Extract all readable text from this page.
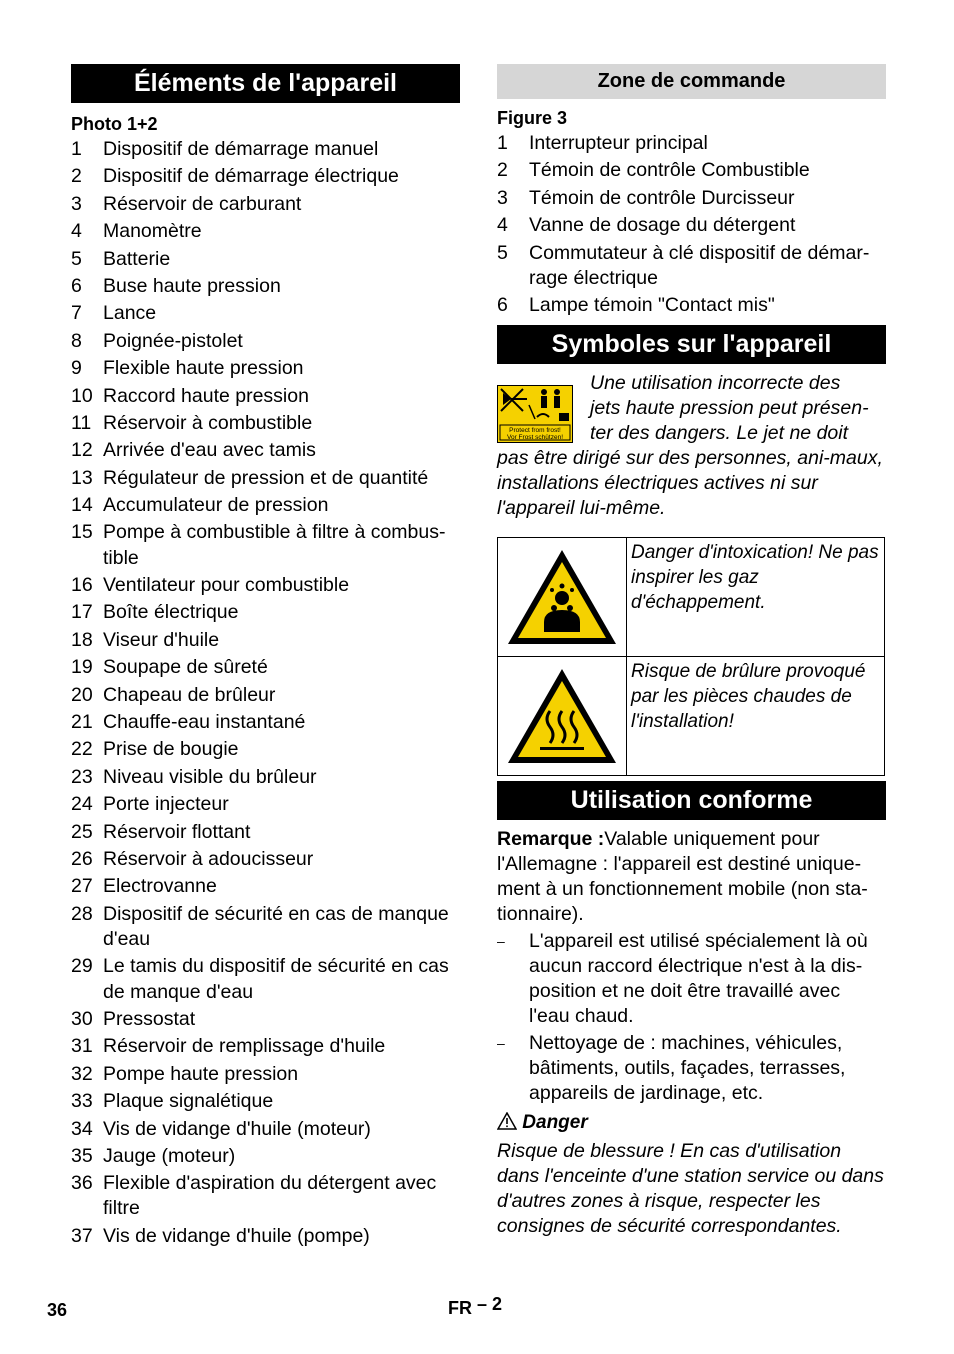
Éléments de l'appareil
Photo 1+2
1	Dispositif de démarrage manuel
2	Dispositif de démarrage électrique
3	Réservoir de carburant
4	Manomètre
5	Batterie
6	Buse haute pression
7	Lance
8	Poignée-pistolet
9	Flexible haute pression
10 Raccord haute pression
11 Réservoir à combustible
12 Arrivée d'eau avec tamis
13 Régulateur de pression et de quantité
14 Accumulateur de pression
15 Pompe à combustible à filtre à combus-tible
16 Ventilateur pour combustible
17 Boîte électrique
18 Viseur d'huile
19 Soupape de sûreté
20 Chapeau de brûleur
21 Chauffe-eau instantané
22 Prise de bougie
23 Niveau visible du brûleur
24 Porte injecteur
25 Réservoir flottant
26 Réservoir à adoucisseur
27 Electrovanne
28 Dispositif de sécurité en cas de manque d'eau
29 Le tamis du dispositif de sécurité en cas de manque d'eau
30 Pressostat
31 Réservoir de remplissage d'huile
32 Pompe haute pression
33 Plaque signalétique
34 Vis de vidange d'huile (moteur)
35 Jauge (moteur)
36 Flexible d'aspiration du détergent avec filtre
37 Vis de vidange d'huile (pompe)
Zone de commande
Figure 3
1	Interrupteur principal
2	Témoin de contrôle Combustible
3	Témoin de contrôle Durcisseur
4	Vanne de dosage du détergent
5	Commutateur à clé dispositif de démar-rage électrique
6	Lampe témoin "Contact mis"
Symboles sur l'appareil
Protect from frost!
Vor Frost schützen!
Une utilisation incorrecte des
jets haute pression peut présen-
ter des dangers. Le jet ne doit
pas être dirigé sur des personnes, ani-maux, installations électriques actives ni sur l'appareil lui-même.
	Danger d'intoxication! Ne pas inspirer les gaz d'échappement.
	Risque de brûlure provoqué par les pièces chaudes de l'installation!
Utilisation conforme
Remarque :Valable uniquement pour l'Allemagne : l'appareil est destiné unique-ment à un fonctionnement mobile (non sta-tionnaire).
–	L'appareil est utilisé spécialement là où aucun raccord électrique n'est à la dis-position et ne doit être travaillé avec l'eau chaud.
–	Nettoyage de : machines, véhicules, bâtiments, outils, façades, terrasses, appareils de jardinage, etc.
Danger
Risque de blessure ! En cas d'utilisation dans l'enceinte d'une station service ou dans d'autres zones à risque, respecter les consignes de sécurité correspondantes.
36	FR – 2
